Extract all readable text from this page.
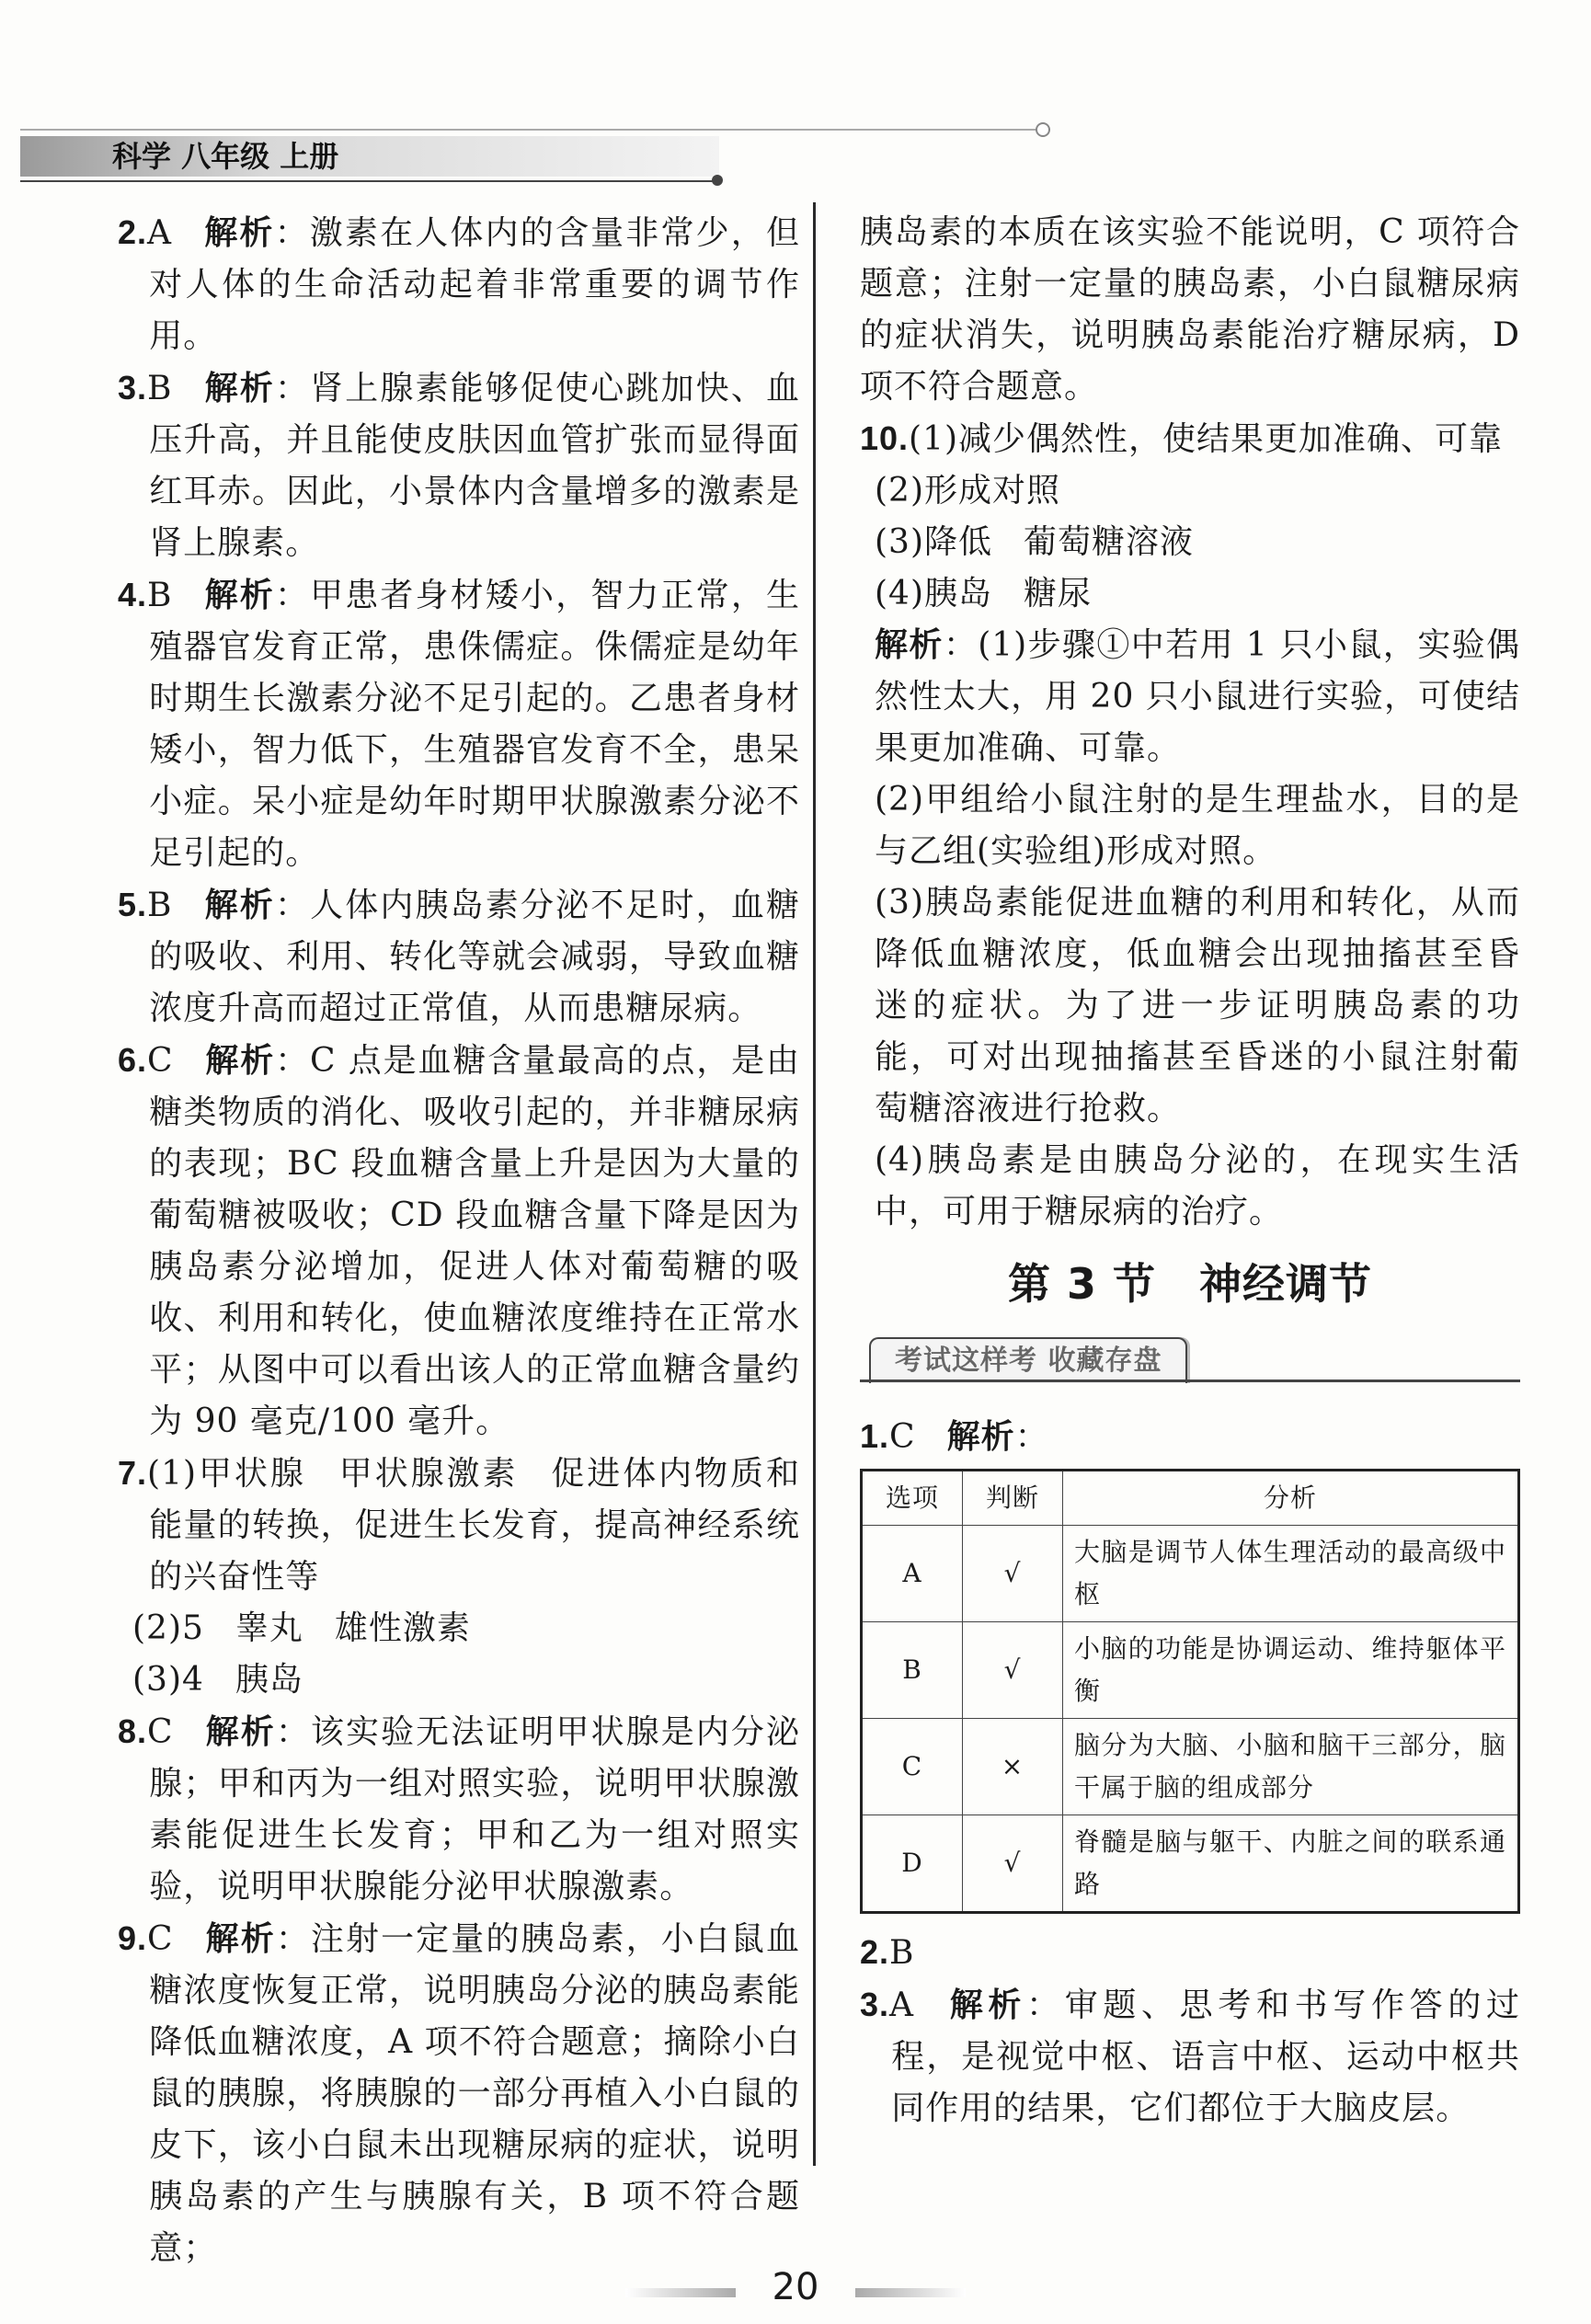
科学 八年级 上册

2.A 解析：激素在人体内的含量非常少，但对人体的生命活动起着非常重要的调节作用。

3.B 解析：肾上腺素能够促使心跳加快、血压升高，并且能使皮肤因血管扩张而显得面红耳赤。因此，小景体内含量增多的激素是肾上腺素。

4.B 解析：甲患者身材矮小，智力正常，生殖器官发育正常，患侏儒症。侏儒症是幼年时期生长激素分泌不足引起的。乙患者身材矮小，智力低下，生殖器官发育不全，患呆小症。呆小症是幼年时期甲状腺激素分泌不足引起的。

5.B 解析：人体内胰岛素分泌不足时，血糖的吸收、利用、转化等就会减弱，导致血糖浓度升高而超过正常值，从而患糖尿病。

6.C 解析：C 点是血糖含量最高的点，是由糖类物质的消化、吸收引起的，并非糖尿病的表现；BC 段血糖含量上升是因为大量的葡萄糖被吸收；CD 段血糖含量下降是因为胰岛素分泌增加，促进人体对葡萄糖的吸收、利用和转化，使血糖浓度维持在正常水平；从图中可以看出该人的正常血糖含量约为 90 毫克/100 毫升。

7.(1)甲状腺 甲状腺激素 促进体内物质和能量的转换，促进生长发育，提高神经系统的兴奋性等

(2)5 睾丸 雄性激素

(3)4 胰岛

8.C 解析：该实验无法证明甲状腺是内分泌腺；甲和丙为一组对照实验，说明甲状腺激素能促进生长发育；甲和乙为一组对照实验，说明甲状腺能分泌甲状腺激素。

9.C 解析：注射一定量的胰岛素，小白鼠血糖浓度恢复正常，说明胰岛分泌的胰岛素能降低血糖浓度，A 项不符合题意；摘除小白鼠的胰腺，将胰腺的一部分再植入小白鼠的皮下，该小白鼠未出现糖尿病的症状，说明胰岛素的产生与胰腺有关，B 项不符合题意；

胰岛素的本质在该实验不能说明，C 项符合题意；注射一定量的胰岛素，小白鼠糖尿病的症状消失，说明胰岛素能治疗糖尿病，D 项不符合题意。

10.(1)减少偶然性，使结果更加准确、可靠

(2)形成对照

(3)降低 葡萄糖溶液

(4)胰岛 糖尿

解析：(1)步骤①中若用 1 只小鼠，实验偶然性太大，用 20 只小鼠进行实验，可使结果更加准确、可靠。

(2)甲组给小鼠注射的是生理盐水，目的是与乙组(实验组)形成对照。

(3)胰岛素能促进血糖的利用和转化，从而降低血糖浓度，低血糖会出现抽搐甚至昏迷的症状。为了进一步证明胰岛素的功能，可对出现抽搐甚至昏迷的小鼠注射葡萄糖溶液进行抢救。

(4)胰岛素是由胰岛分泌的，在现实生活中，可用于糖尿病的治疗。

第 3 节　神经调节
考试这样考 收藏存盘

1.C 解析：

选项	判断	分析
A	√	大脑是调节人体生理活动的最高级中枢
B	√	小脑的功能是协调运动、维持躯体平衡
C	×	脑分为大脑、小脑和脑干三部分，脑干属于脑的组成部分
D	√	脊髓是脑与躯干、内脏之间的联系通路

2.B

3.A 解析：审题、思考和书写作答的过程，是视觉中枢、语言中枢、运动中枢共同作用的结果，它们都位于大脑皮层。

20
